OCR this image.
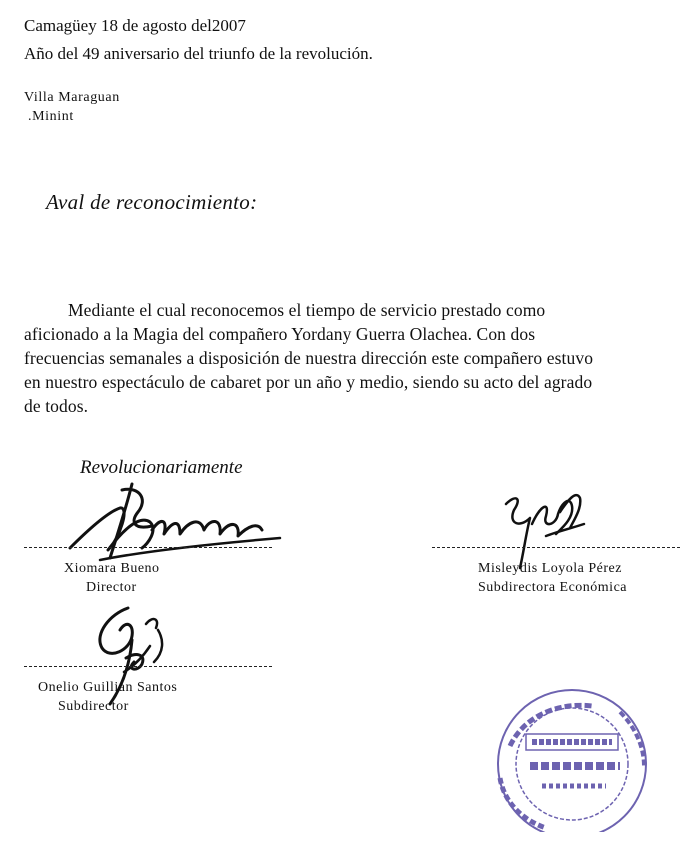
Camagüey 18 de agosto del2007
Año del 49 aniversario del triunfo de la revolución.
Villa Maraguan
.Minint
Aval de reconocimiento:
Mediante el cual reconocemos el tiempo de servicio prestado como
aficionado a la Magia del compañero Yordany Guerra Olachea. Con dos
frecuencias semanales a disposición de nuestra dirección este compañero estuvo
en nuestro espectáculo de cabaret por un año y medio, siendo su acto del agrado
de todos.
Revolucionariamente
Xiomara Bueno
Director
Misleydis Loyola Pérez
Subdirectora Económica
Onelio Guillian Santos
Subdirector
